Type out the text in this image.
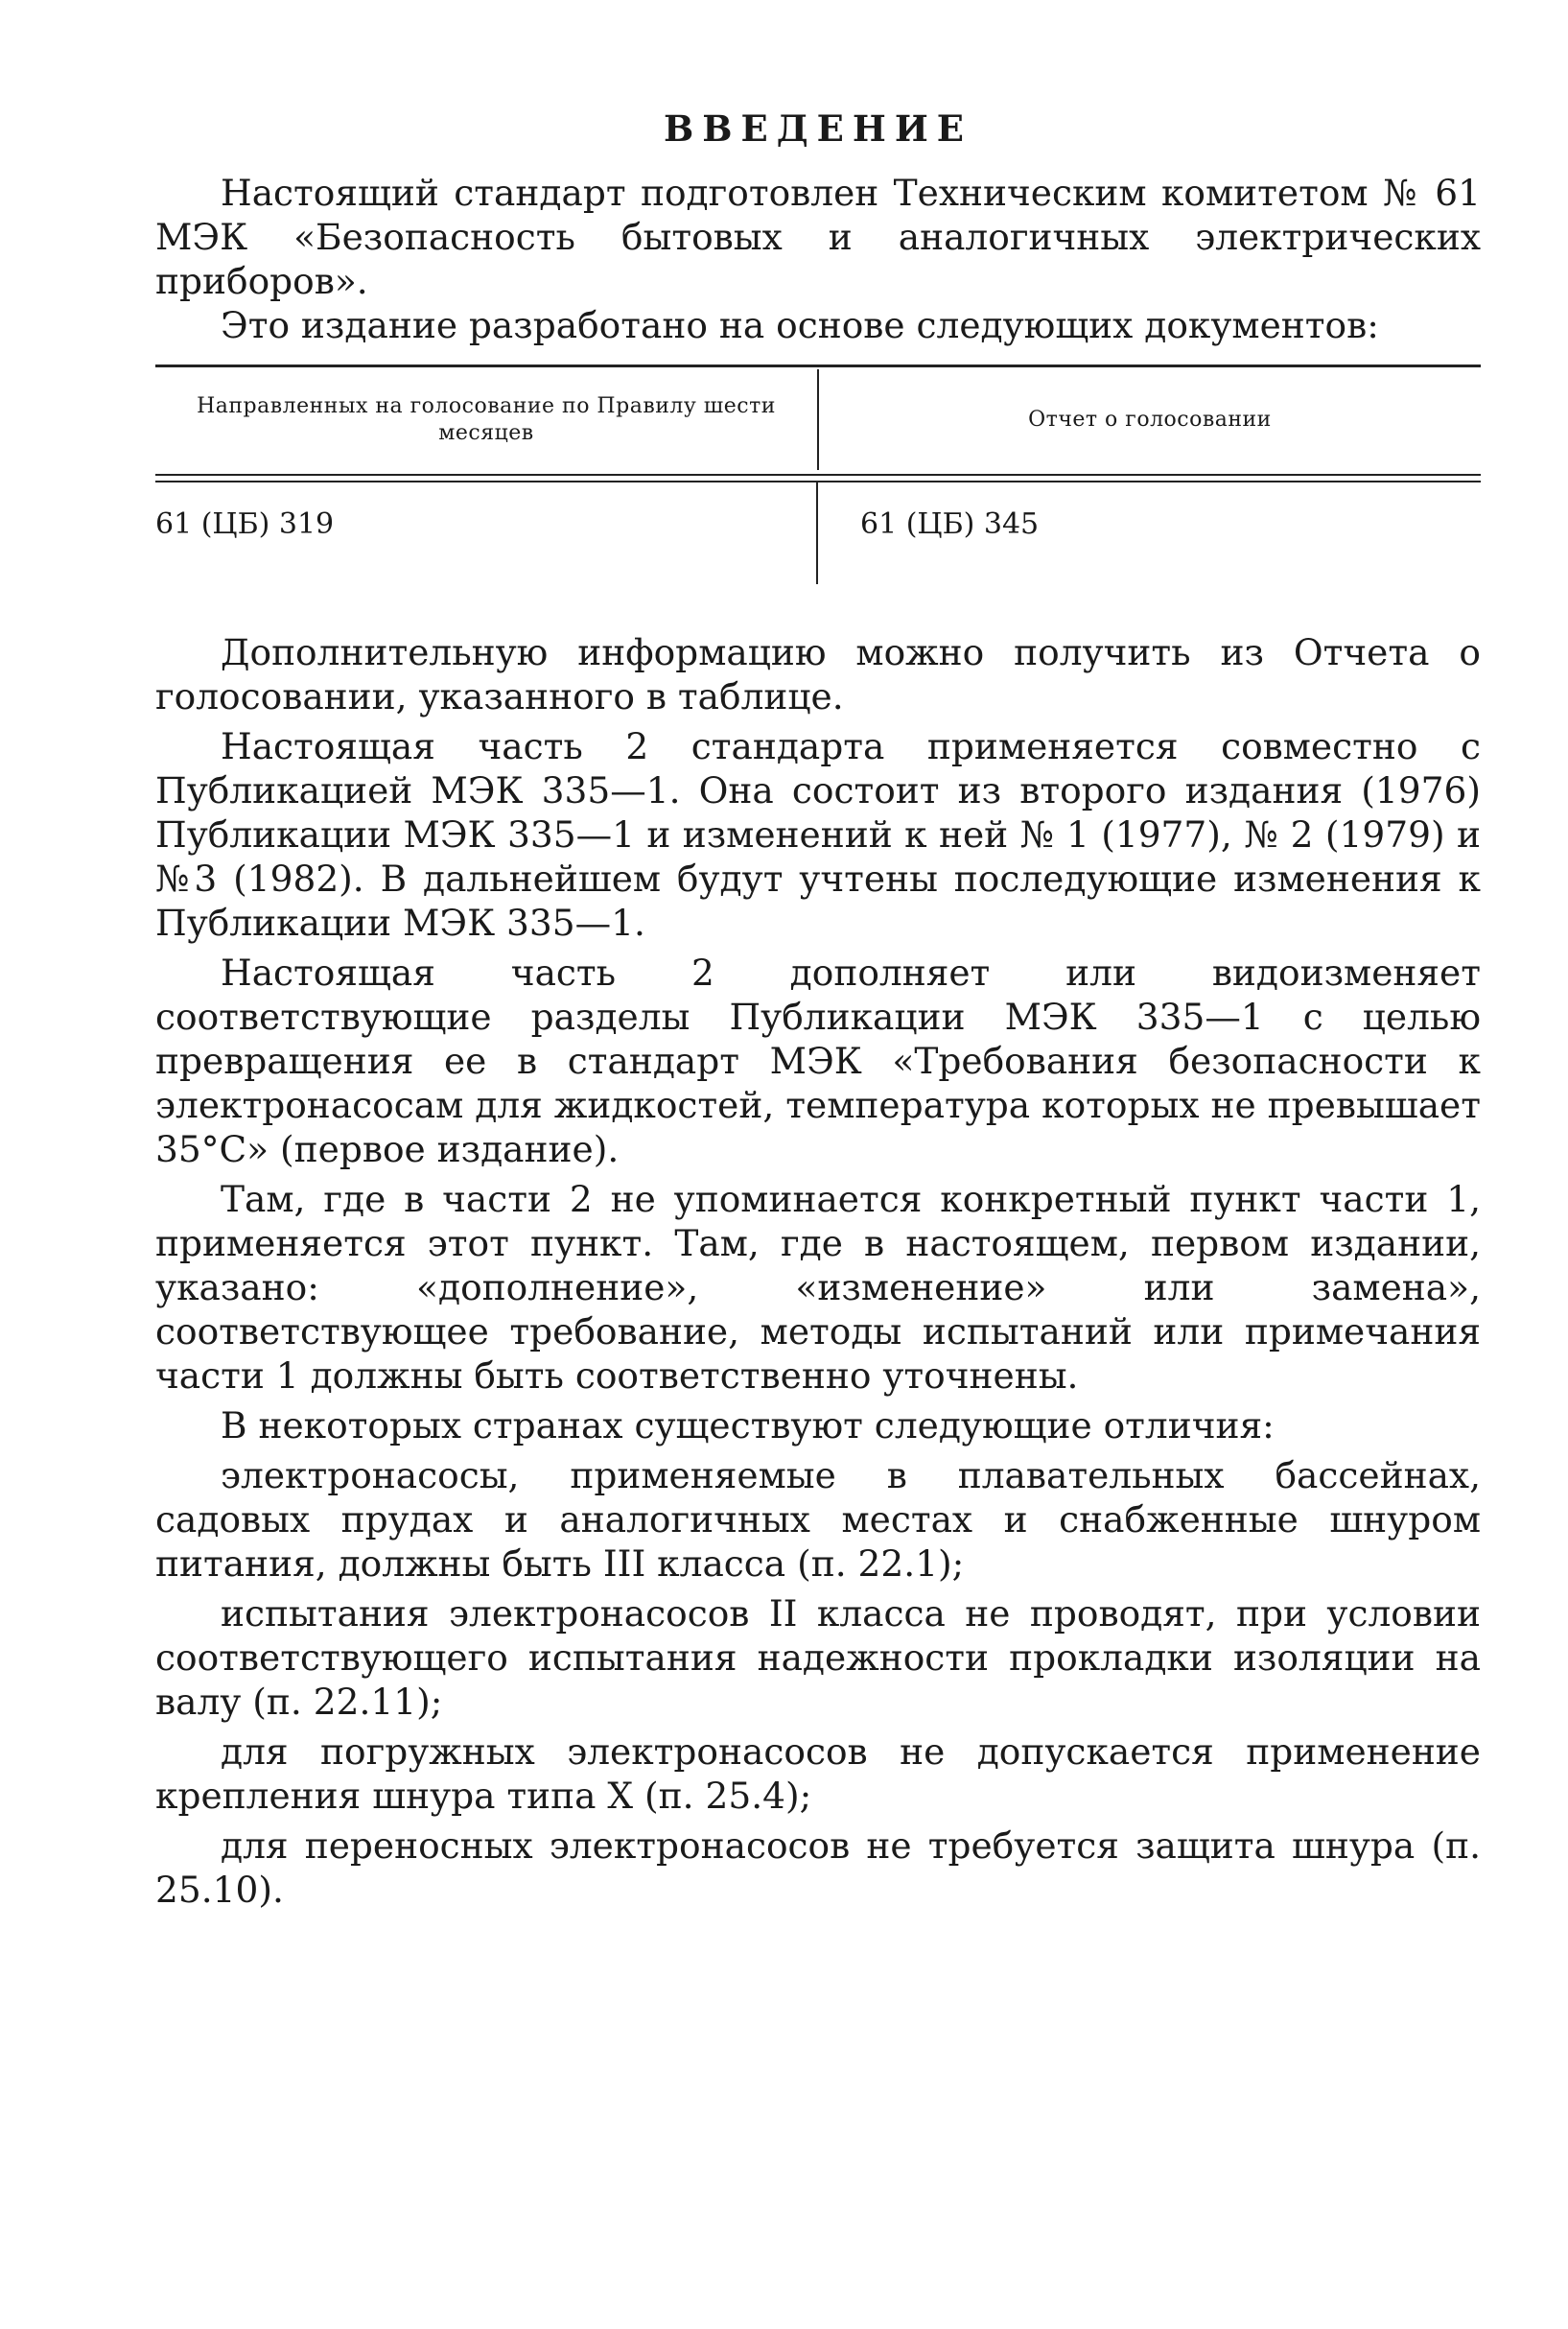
ВВЕДЕНИЕ

Настоящий стандарт подготовлен Техническим комитетом № 61 МЭК «Безопасность бытовых и аналогичных электрических приборов».

Это издание разработано на основе следующих документов:

Направленных на голосование по Правилу шести месяцев
Отчет о голосовании
61 (ЦБ) 319	61 (ЦБ) 345

Дополнительную информацию можно получить из Отчета о голосовании, указанного в таблице.

Настоящая часть 2 стандарта применяется совместно с Публикацией МЭК 335—1. Она состоит из второго издания (1976) Публикации МЭК 335—1 и изменений к ней № 1 (1977), № 2 (1979) и №3 (1982). В дальнейшем будут учтены последующие изменения к Публикации МЭК 335—1.

Настоящая часть 2 дополняет или видоизменяет соответствующие разделы Публикации МЭК 335—1 с целью превращения ее в стандарт МЭК «Требования безопасности к электронасосам для жидкостей, температура которых не превышает 35°С» (первое издание).

Там, где в части 2 не упоминается конкретный пункт части 1, применяется этот пункт. Там, где в настоящем, первом издании, указано: «дополнение», «изменение» или замена», соответствующее требование, методы испытаний или примечания части 1 должны быть соответственно уточнены.

В некоторых странах существуют следующие отличия:

электронасосы, применяемые в плавательных бассейнах, садовых прудах и аналогичных местах и снабженные шнуром питания, должны быть III класса (п. 22.1);

испытания электронасосов II класса не проводят, при условии соответствующего испытания надежности прокладки изоляции на валу (п. 22.11);

для погружных электронасосов не допускается применение крепления шнура типа X (п. 25.4);

для переносных электронасосов не требуется защита шнура (п. 25.10).
